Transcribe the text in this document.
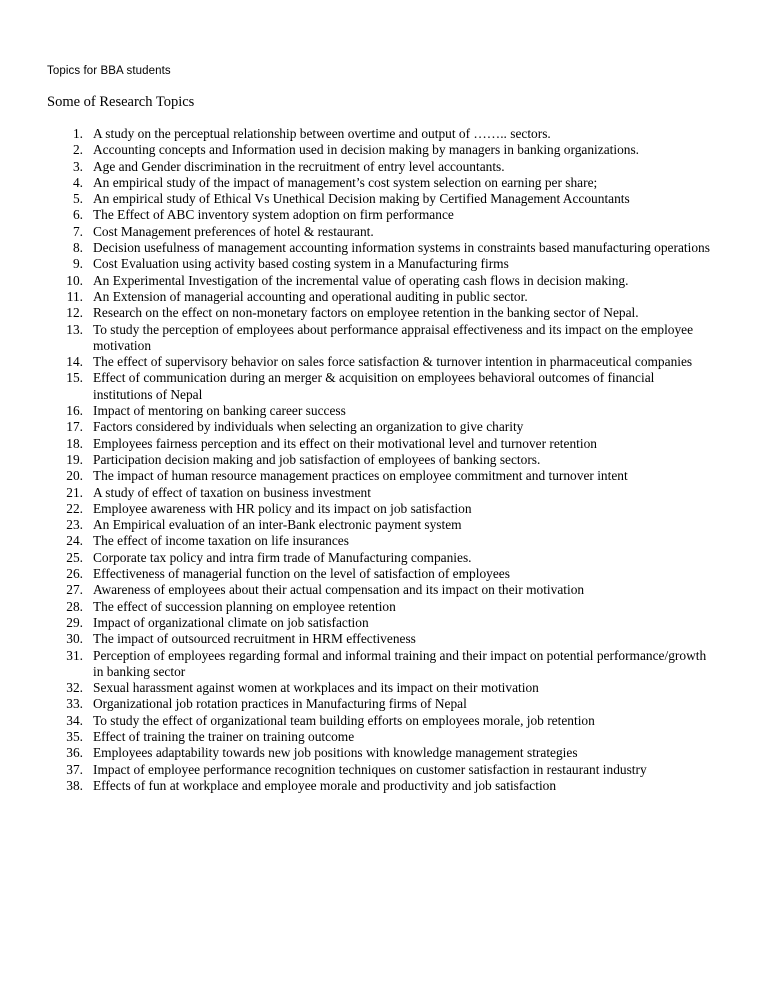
Topics for BBA students
Some of Research Topics
1. A study on the perceptual relationship between overtime and output of …….. sectors.
2. Accounting concepts and Information used in decision making by managers in banking organizations.
3. Age and Gender discrimination in the recruitment of entry level accountants.
4. An empirical study of the impact of management’s cost system selection on earning per share;
5. An empirical study of Ethical Vs Unethical Decision making by Certified Management Accountants
6. The Effect of ABC inventory system adoption on firm performance
7. Cost Management preferences of hotel & restaurant.
8. Decision usefulness of management accounting information systems in constraints based manufacturing operations
9. Cost Evaluation using activity based costing system in a Manufacturing firms
10. An Experimental Investigation of the incremental value of operating cash flows in decision making.
11. An Extension of managerial accounting and operational auditing in public sector.
12. Research on the effect on non-monetary factors on employee retention in the banking sector of Nepal.
13. To study the perception of employees about performance appraisal effectiveness and its impact on the employee motivation
14. The effect of supervisory behavior on sales force satisfaction & turnover intention in pharmaceutical companies
15. Effect of communication during an merger & acquisition on employees behavioral outcomes of financial institutions of Nepal
16. Impact of mentoring on banking career success
17. Factors considered by individuals when selecting an organization to give charity
18. Employees fairness perception and its effect on their motivational level and turnover retention
19. Participation decision making and job satisfaction of employees of banking sectors.
20. The impact of human resource management practices on employee commitment and turnover intent
21. A study of effect of taxation on business investment
22. Employee awareness with HR policy and its impact on job satisfaction
23. An Empirical evaluation of an inter-Bank electronic payment system
24. The effect of income taxation on life insurances
25. Corporate tax policy and intra firm trade of Manufacturing companies.
26. Effectiveness of managerial function on the level of satisfaction of employees
27. Awareness of employees about their actual compensation and its impact on their motivation
28. The effect of succession planning on employee retention
29. Impact of organizational climate on job satisfaction
30. The impact of outsourced recruitment in HRM effectiveness
31. Perception of employees regarding formal and informal training and their impact on potential performance/growth in banking sector
32. Sexual harassment against women at workplaces and its impact on their motivation
33. Organizational job rotation practices in Manufacturing firms of Nepal
34. To study the effect of organizational team building efforts on employees morale, job retention
35. Effect of training the trainer on training outcome
36. Employees adaptability towards new job positions with knowledge management strategies
37. Impact of employee performance recognition techniques on customer satisfaction in restaurant industry
38. Effects of fun at workplace and employee morale and productivity and job satisfaction
